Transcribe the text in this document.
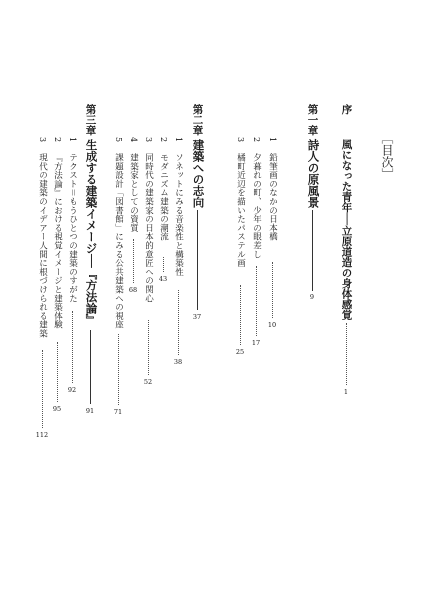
［目次］
序
風になった青年──立原道造の身体感覚
1
第一章
詩人の原風景
9
1
鉛筆画のなかの日本橋
10
2
夕暮れの町、少年の眼差し
17
3
橘町近辺を描いたパステル画
25
第二章
建築への志向
37
1
ソネットにみる音楽性と構築性
38
2
モダニズム建築の潮流
43
3
同時代の建築家の日本的意匠への関心
52
4
建築家としての資質
68
5
課題設計「図書館」にみる公共建築への視座
71
第三章
生成する建築イメージ──『方法論』
91
1
テクスト＝もうひとつの建築のすがた
92
2
『方法論』における視覚イメージと建築体験
95
3
現代の建築のイデアー人間に根づけられる建築
112
